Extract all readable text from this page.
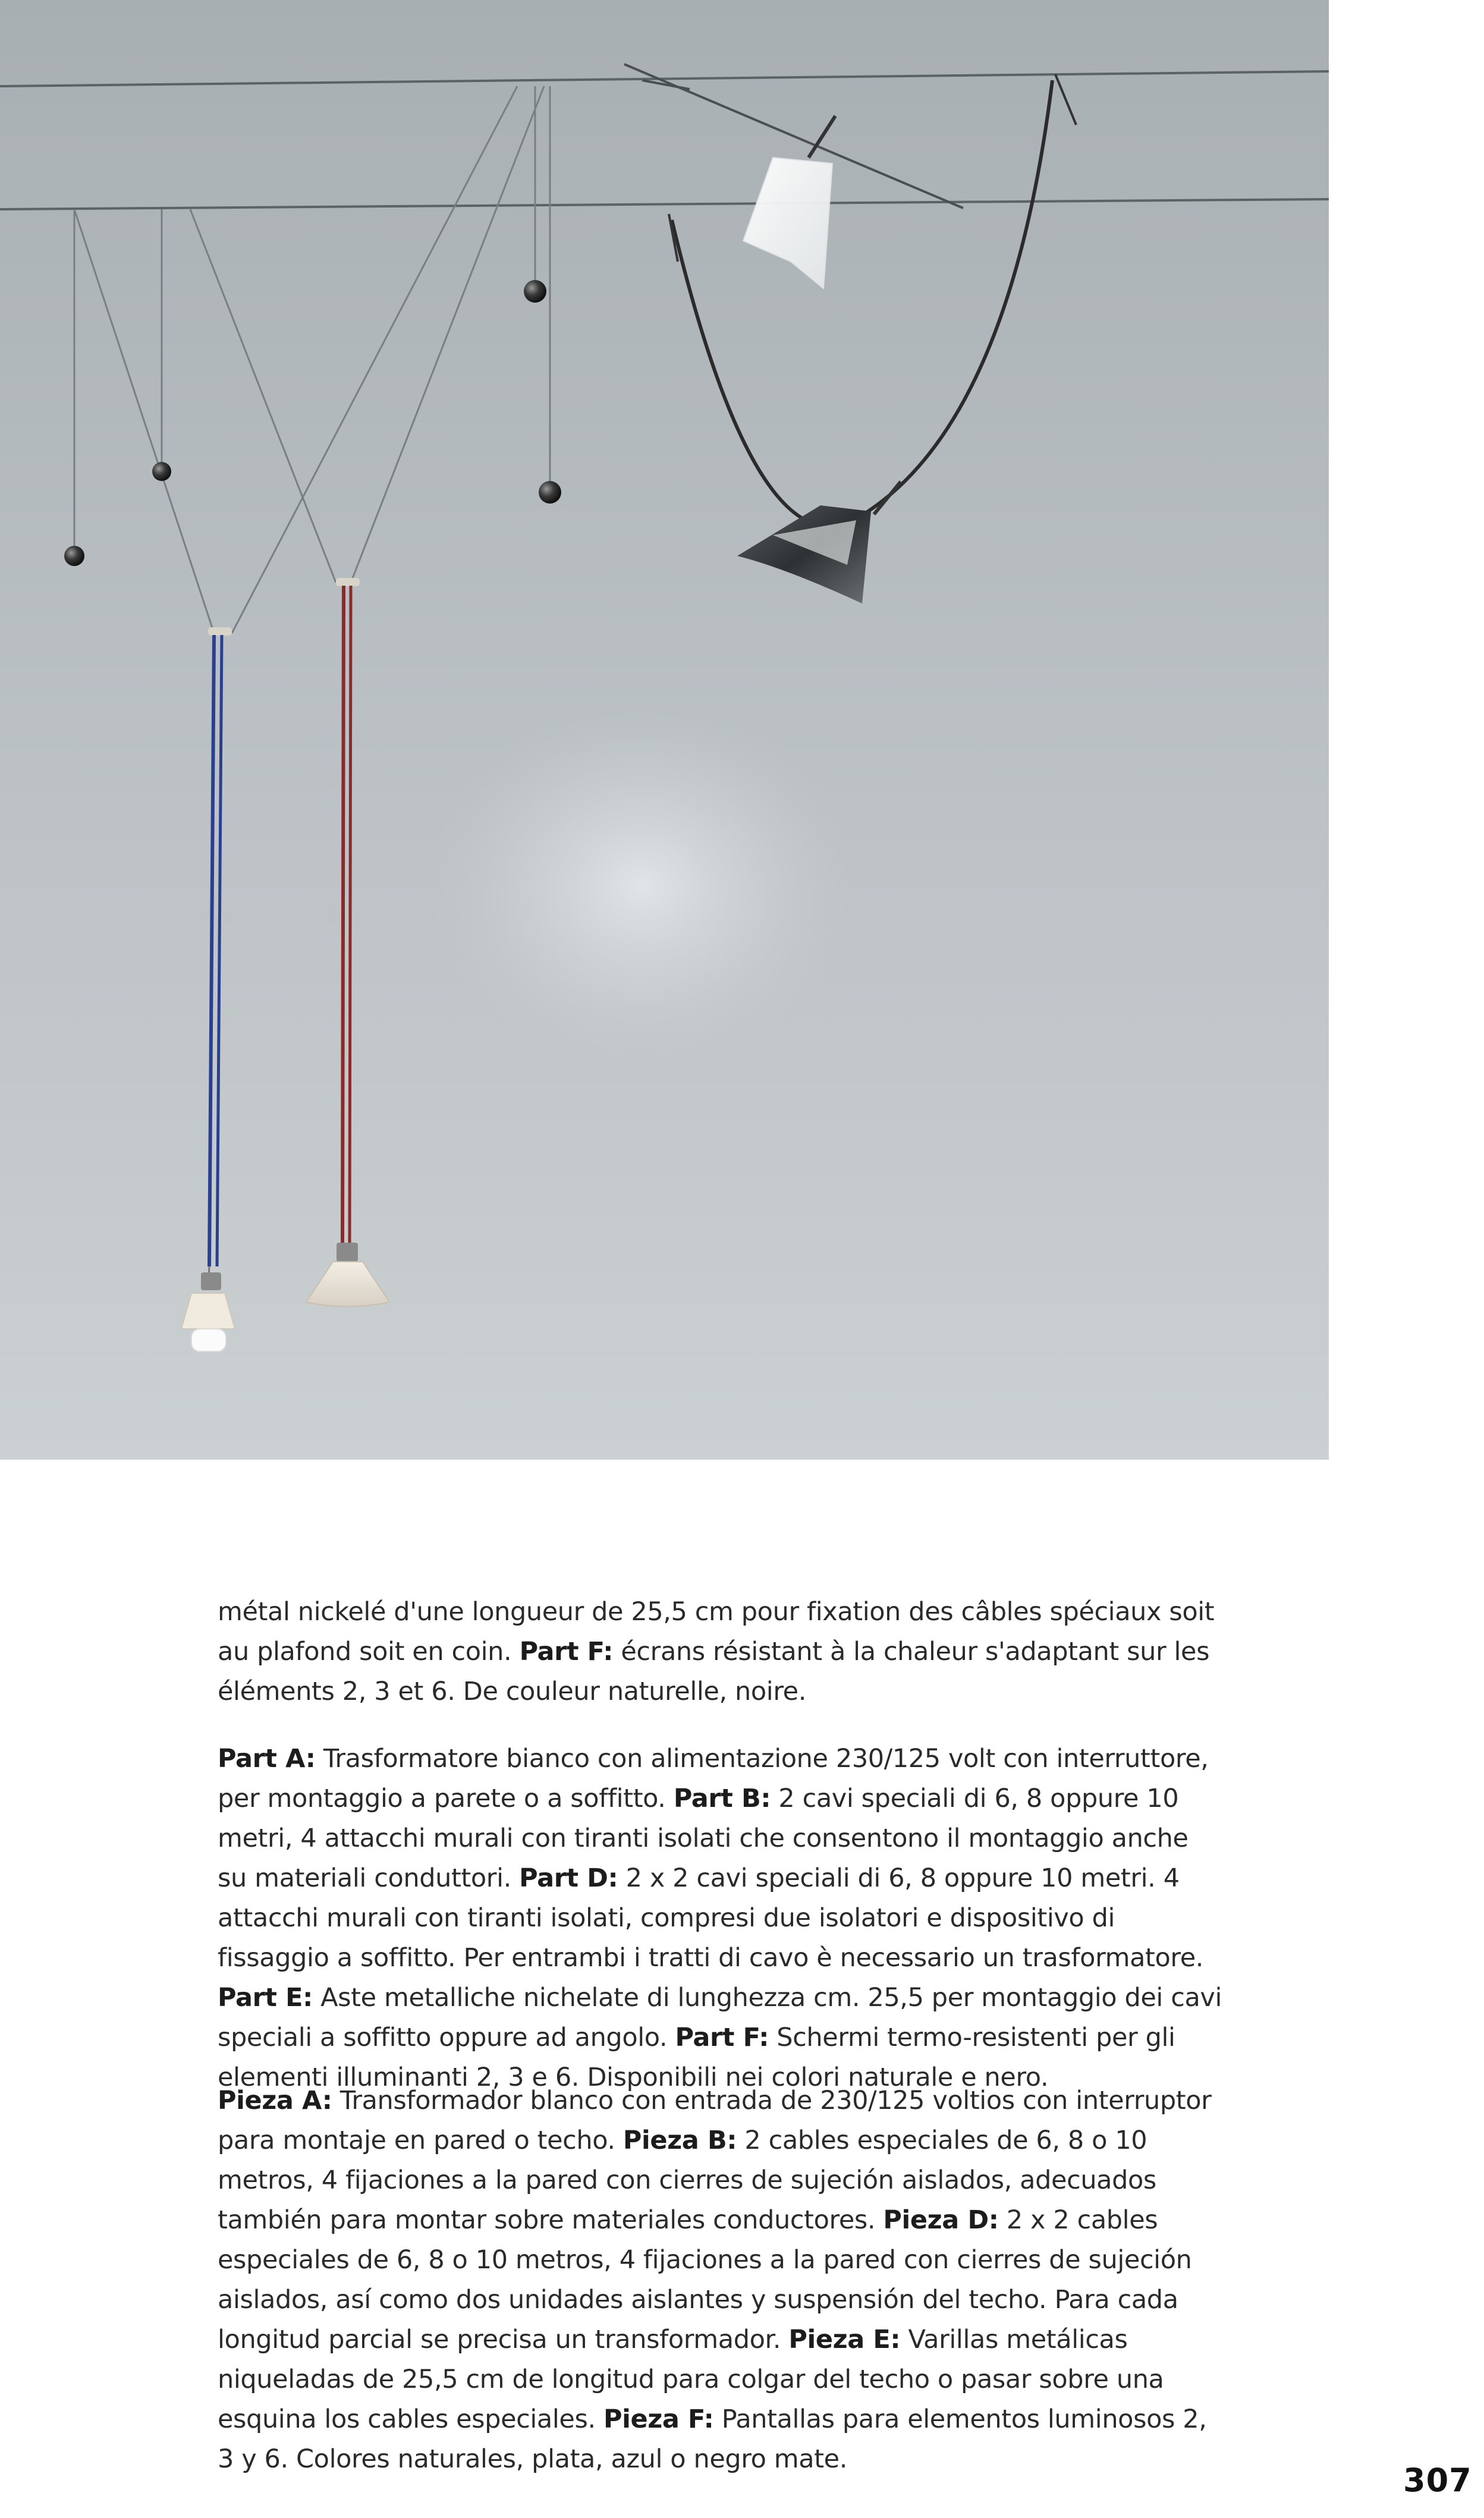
métal nickelé d'une longueur de 25,5 cm pour fixation des câbles spéciaux soit au plafond soit en coin. Part F: écrans résistant à la chaleur s'adaptant sur les éléments 2, 3 et 6. De couleur naturelle, noire.

Part A: Trasformatore bianco con alimentazione 230/125 volt con interruttore, per montaggio a parete o a soffitto. Part B: 2 cavi speciali di 6, 8 oppure 10 metri, 4 attacchi murali con tiranti isolati che consentono il montaggio anche su materiali conduttori. Part D: 2 x 2 cavi speciali di 6, 8 oppure 10 metri. 4 attacchi murali con tiranti isolati, compresi due isolatori e dispositivo di fissaggio a soffitto. Per entrambi i tratti di cavo è necessario un trasformatore. Part E: Aste metalliche nichelate di lunghezza cm. 25,5 per montaggio dei cavi speciali a soffitto oppure ad angolo. Part F: Schermi termo-resistenti per gli elementi illuminanti 2, 3 e 6. Disponibili nei colori naturale e nero.

Pieza A: Transformador blanco con entrada de 230/125 voltios con interruptor para montaje en pared o techo. Pieza B: 2 cables especiales de 6, 8 o 10 metros, 4 fijaciones a la pared con cierres de sujeción aislados, adecuados también para montar sobre materiales conductores. Pieza D: 2 x 2 cables especiales de 6, 8 o 10 metros, 4 fijaciones a la pared con cierres de sujeción aislados, así como dos unidades aislantes y suspensión del techo. Para cada longitud parcial se precisa un transformador. Pieza E: Varillas metálicas niqueladas de 25,5 cm de longitud para colgar del techo o pasar sobre una esquina los cables especiales. Pieza F: Pantallas para elementos luminosos 2, 3 y 6. Colores naturales, plata, azul o negro mate.

307
